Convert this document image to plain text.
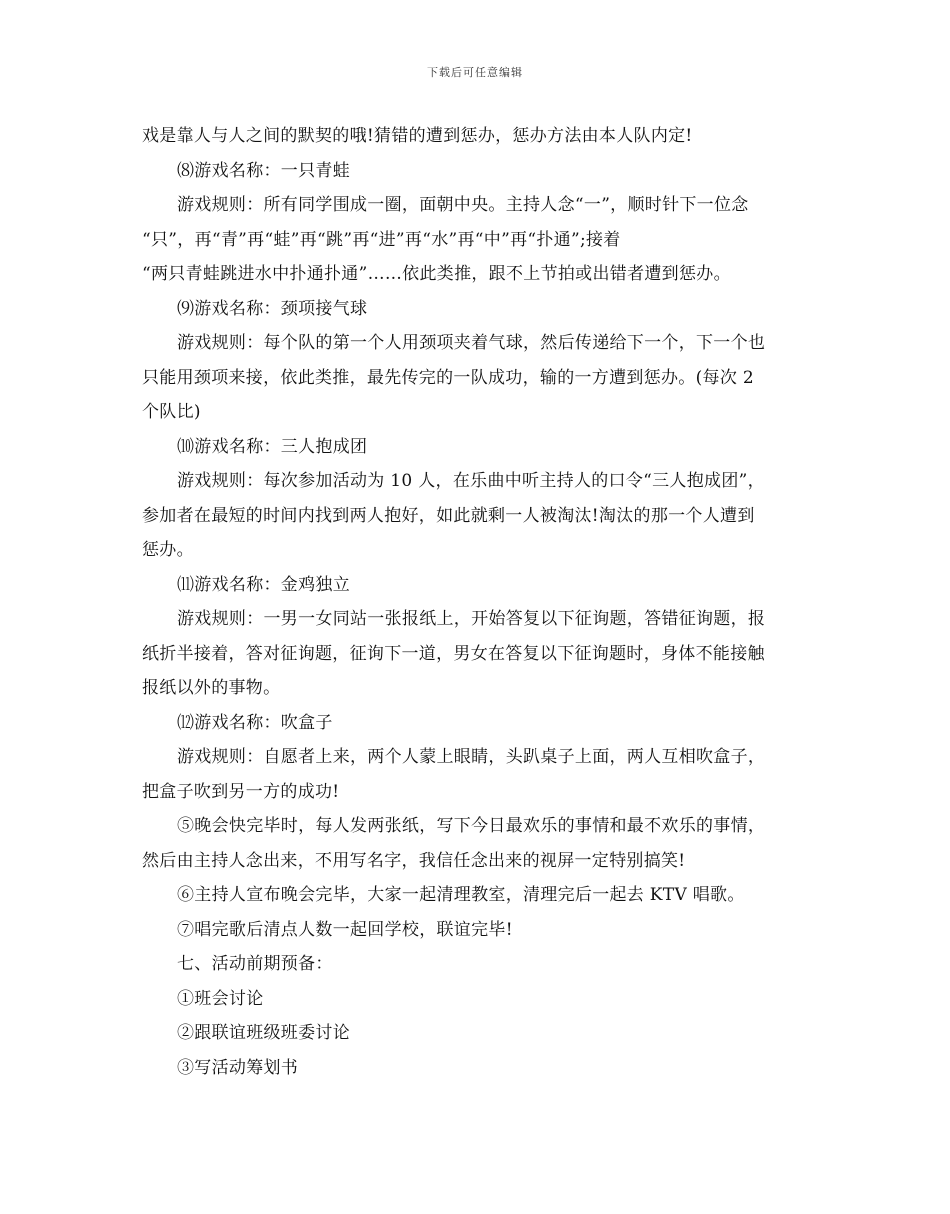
下载后可任意编辑
戏是靠人与人之间的默契的哦!猜错的遭到惩办，惩办方法由本人队内定!
⑻游戏名称：一只青蛙
游戏规则：所有同学围成一圈，面朝中央。主持人念“一”，顺时针下一位念
“只”，再“青”再“蛙”再“跳”再“进”再“水”再“中”再“扑通”;接着
“两只青蛙跳进水中扑通扑通”……依此类推，跟不上节拍或出错者遭到惩办。
⑼游戏名称：颈项接气球
游戏规则：每个队的第一个人用颈项夹着气球，然后传递给下一个，下一个也
只能用颈项来接，依此类推，最先传完的一队成功，输的一方遭到惩办。(每次 2
个队比)
⑽游戏名称：三人抱成团
游戏规则：每次参加活动为 10 人，在乐曲中听主持人的口令“三人抱成团”，
参加者在最短的时间内找到两人抱好，如此就剩一人被淘汰!淘汰的那一个人遭到
惩办。
⑾游戏名称：金鸡独立
游戏规则：一男一女同站一张报纸上，开始答复以下征询题，答错征询题，报
纸折半接着，答对征询题，征询下一道，男女在答复以下征询题时，身体不能接触
报纸以外的事物。
⑿游戏名称：吹盒子
游戏规则：自愿者上来，两个人蒙上眼睛，头趴桌子上面，两人互相吹盒子，
把盒子吹到另一方的成功!
⑤晚会快完毕时，每人发两张纸，写下今日最欢乐的事情和最不欢乐的事情，
然后由主持人念出来，不用写名字，我信任念出来的视屏一定特别搞笑!
⑥主持人宣布晚会完毕，大家一起清理教室，清理完后一起去 KTV 唱歌。
⑦唱完歌后清点人数一起回学校，联谊完毕!
七、活动前期预备：
①班会讨论
②跟联谊班级班委讨论
③写活动筹划书
